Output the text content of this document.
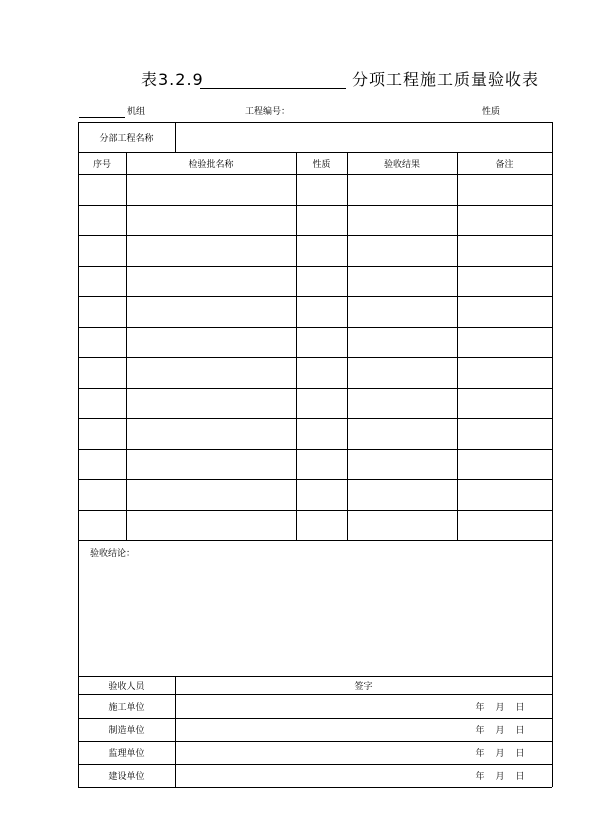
表3.2.9	分项工程施工质量验收表
机组	工程编号：	性质
分部工程名称
序号	检验批名称	性质	验收结果	备注
验收结论：
验收人员	签字
施工单位	年	月	日
制造单位	年	月	日
监理单位	年	月	日
建设单位	年	月	日
